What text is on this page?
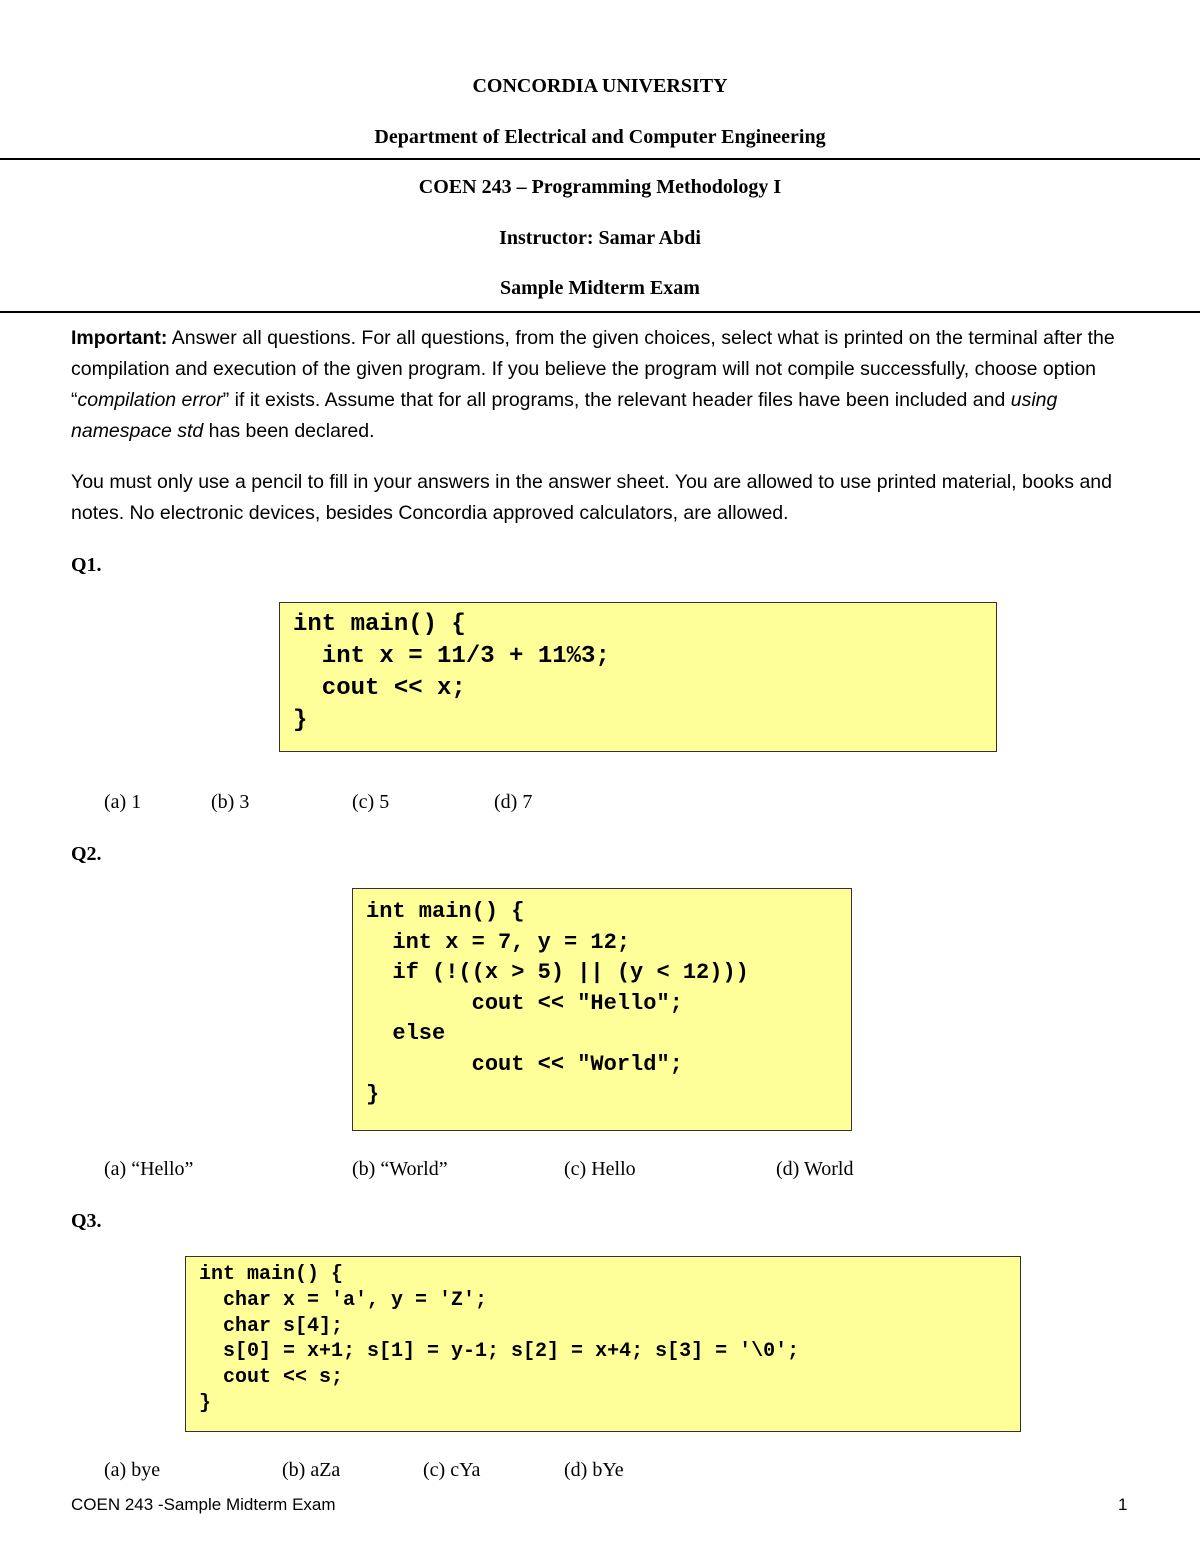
CONCORDIA UNIVERSITY
Department of Electrical and Computer Engineering
COEN 243 – Programming Methodology I
Instructor: Samar Abdi
Sample Midterm Exam
Important: Answer all questions. For all questions, from the given choices, select what is printed on the terminal after the compilation and execution of the given program. If you believe the program will not compile successfully, choose option “compilation error” if it exists. Assume that for all programs, the relevant header files have been included and using namespace std has been declared.
You must only use a pencil to fill in your answers in the answer sheet. You are allowed to use printed material, books and notes. No electronic devices, besides Concordia approved calculators, are allowed.
Q1.
int main() {
int x = 11/3 + 11%3;
cout << x;
}
(a) 1	(b) 3	(c) 5	(d) 7
Q2.
int main() {
int x = 7, y = 12;
if (!((x > 5) || (y < 12)))
cout << "Hello";
else
cout << "World";
}
(a) “Hello”	(b) “World”	(c) Hello	(d) World
Q3.
int main() {
char x = 'a', y = 'Z';
char s[4];
s[0] = x+1; s[1] = y-1; s[2] = x+4; s[3] = '\0';
cout << s;
}
(a) bye	(b) aZa	(c) cYa	(d) bYe
COEN 243 -Sample Midterm Exam	1
